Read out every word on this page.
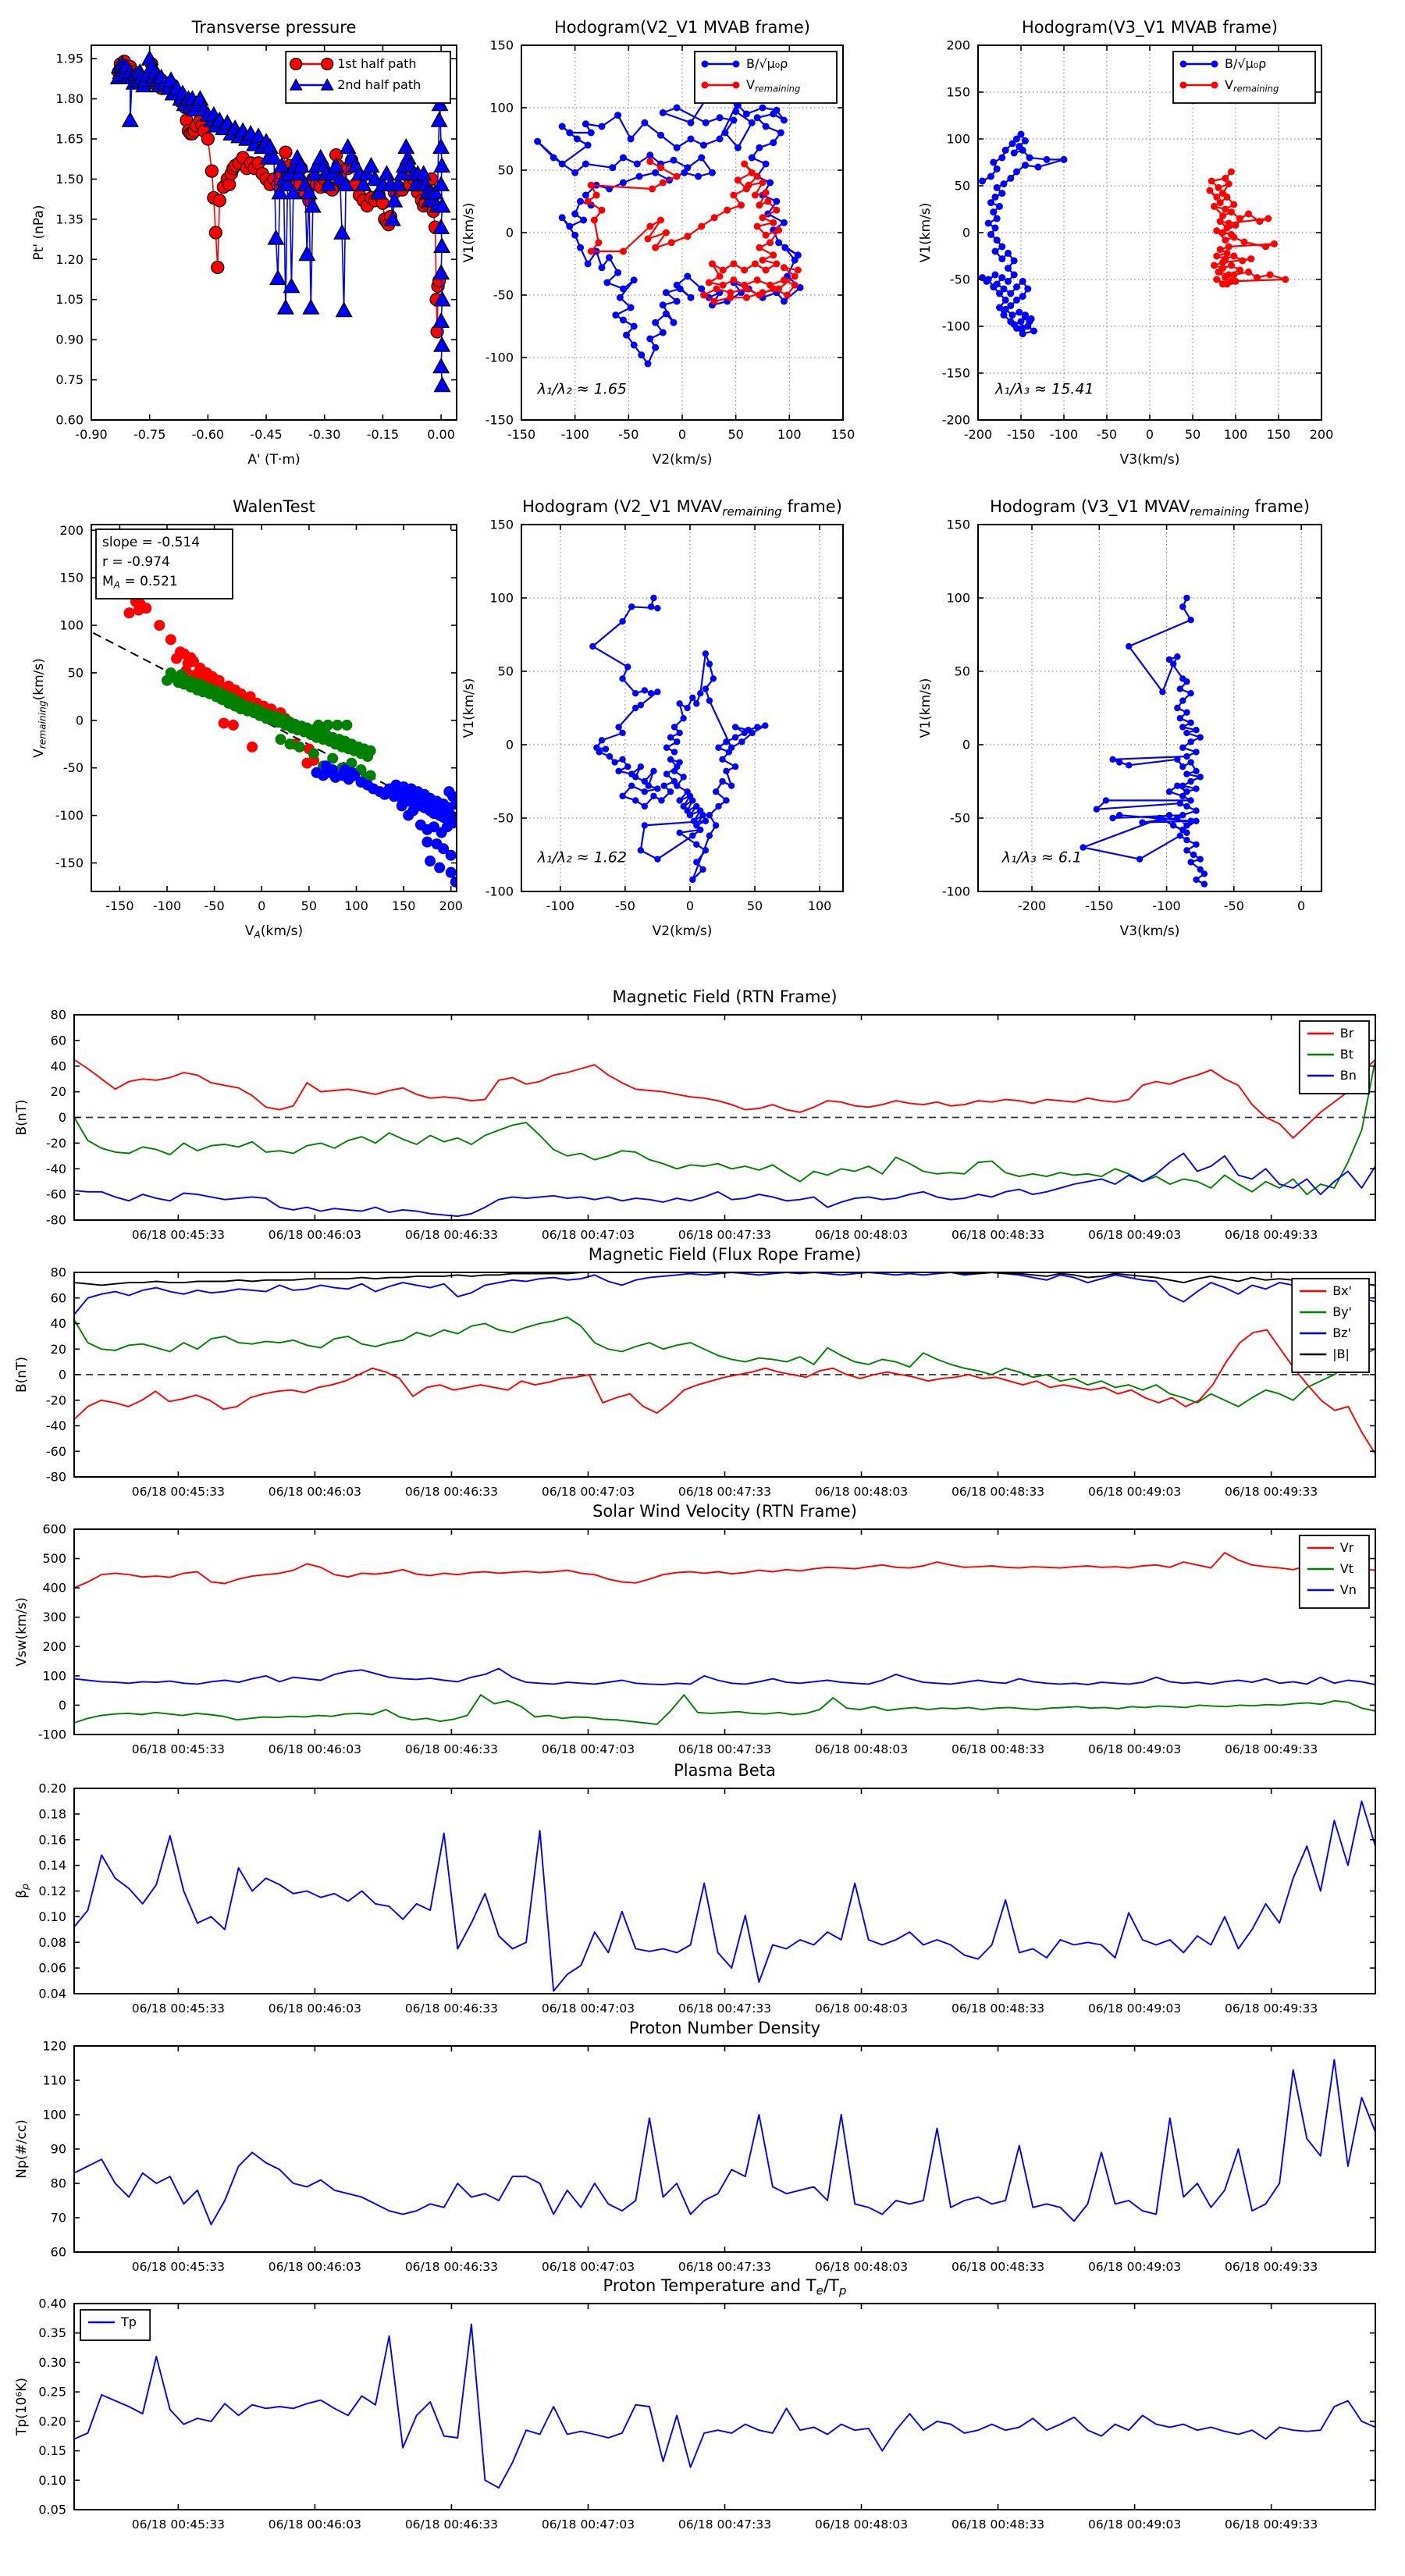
-0.90 -0.75 -0.60 -0.45 -0.30 -0.15 0.00
0.60
0.75
0.90
1.05
1.20
1.35
1.50
1.65
1.80
1.95
Transverse pressure
A' (T·m)
Pt' (nPa)
1st half path
2nd half path
-150 -100 -50	0	50	100 150
-150
-100
-50
0
50
100
150
Hodogram(V2_V1 MVAB frame)
V2(km/s)
V1(km/s)
λ₁/λ₂ ≈ 1.65
B/√μ₀ρ
$V_{remaining}$
-200 -150 -100 -50 0 50 100 150 200
-200
-150
-100
-50
0
50
100
150
200
Hodogram(V3_V1 MVAB frame)
V3(km/s)
V1(km/s)
λ₁/λ₃ ≈ 15.41
B/√μ₀ρ
$V_{remaining}$
-150 -100 -50	0	50 100 150 200
-150
-100
-50
0
50
100
150
200
WalenTest
$V_A(km/s)$
$V_{remaining}(km/s)$
slope = -0.514
r = -0.974
$M_A = 0.521$
-100	-50	0	50	100
-100
-50
0
50
100
150
Hodogram (V2_V1 $MVAV_{remaining}$ frame)
V2(km/s)
V1(km/s)
λ₁/λ₂ ≈ 1.62
-200	-150	-100	-50	0
-100
-50
0
50
100
150
Hodogram (V3_V1 $MVAV_{remaining}$ frame)
V3(km/s)
V1(km/s)
λ₁/λ₃ ≈ 6.1
06/18 00:45:33	06/18 00:46:03	06/18 00:46:33	06/18 00:47:03	06/18 00:47:33	06/18 00:48:03	06/18 00:48:33	06/18 00:49:03	06/18 00:49:33
-80
-60
-40
-20
0
20
40
60
80
Magnetic Field (RTN Frame)
B(nT)
Br
Bt
Bn
06/18 00:45:33	06/18 00:46:03	06/18 00:46:33	06/18 00:47:03	06/18 00:47:33	06/18 00:48:03	06/18 00:48:33	06/18 00:49:03	06/18 00:49:33
-80
-60
-40
-20
0
20
40
60
80
Magnetic Field (Flux Rope Frame)
B(nT)
Bx'
By'
Bz'
|B|
06/18 00:45:33	06/18 00:46:03	06/18 00:46:33	06/18 00:47:03	06/18 00:47:33	06/18 00:48:03	06/18 00:48:33	06/18 00:49:03	06/18 00:49:33
-100
0
100
200
300
400
500
600
Solar Wind Velocity (RTN Frame)
Vsw(km/s)
Vr
Vt
Vn
06/18 00:45:33	06/18 00:46:03	06/18 00:46:33	06/18 00:47:03	06/18 00:47:33	06/18 00:48:03	06/18 00:48:33	06/18 00:49:03	06/18 00:49:33
0.04
0.06
0.08
0.10
0.12
0.14
0.16
0.18
0.20
Plasma Beta
$\beta_p$
06/18 00:45:33	06/18 00:46:03	06/18 00:46:33	06/18 00:47:03	06/18 00:47:33	06/18 00:48:03	06/18 00:48:33	06/18 00:49:03	06/18 00:49:33
60
70
80
90
100
110
120
Proton Number Density
Np(#/cc)
06/18 00:45:33	06/18 00:46:03	06/18 00:46:33	06/18 00:47:03	06/18 00:47:33	06/18 00:48:03	06/18 00:48:33	06/18 00:49:03	06/18 00:49:33
0.05
0.10
0.15
0.20
0.25
0.30
0.35
0.40
Proton Temperature and $T_e/T_p$
Tp(10⁶K)
Tp
